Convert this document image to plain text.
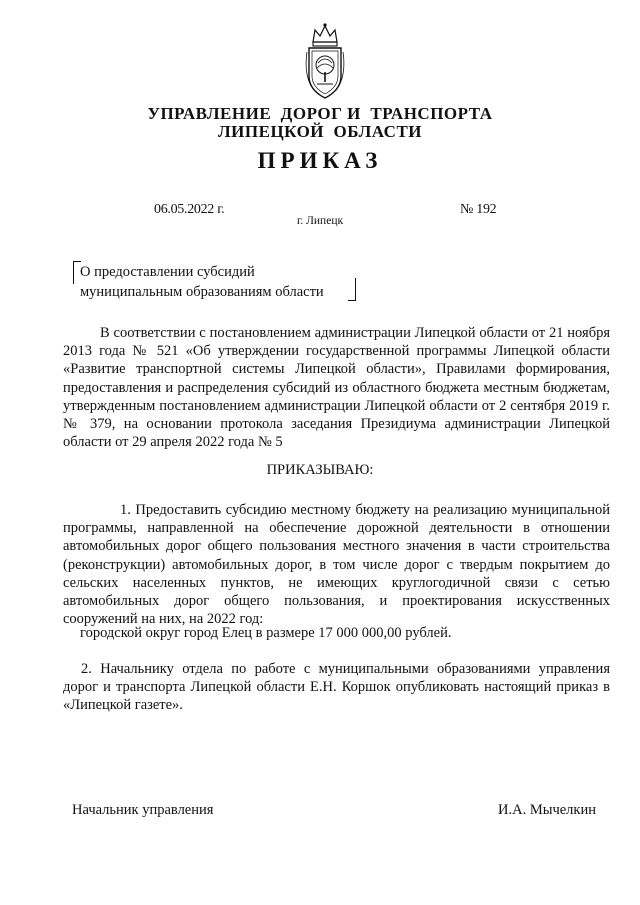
УПРАВЛЕНИЕ  ДОРОГ И  ТРАНСПОРТА
ЛИПЕЦКОЙ  ОБЛАСТИ
ПРИКАЗ
06.05.2022 г.	№ 192
г. Липецк
О предоставлении субсидий
муниципальным образованиям области
В соответствии с постановлением администрации Липецкой области от 21 ноября 2013 года № 521 «Об утверждении государственной программы Липецкой области «Развитие транспортной системы Липецкой области», Правилами формирования, предоставления и распределения субсидий из областного бюджета местным бюджетам, утвержденным постановлением администрации Липецкой области от 2 сентября 2019 г. № 379, на основании протокола заседания Президиума администрации Липецкой области от 29 апреля 2022 года № 5
ПРИКАЗЫВАЮ:
1. Предоставить субсидию местному бюджету на реализацию муниципальной программы, направленной на обеспечение дорожной деятельности в отношении автомобильных дорог общего пользования местного значения в части строительства (реконструкции) автомобильных дорог, в том числе дорог с твердым покрытием до сельских населенных пунктов, не имеющих круглогодичной связи с сетью автомобильных дорог общего пользования, и проектирования искусственных сооружений на них, на 2022 год:
городской округ город Елец в размере 17 000 000,00 рублей.
2. Начальнику отдела по работе с муниципальными образованиями управления дорог и транспорта Липецкой области Е.Н. Коршок опубликовать настоящий приказ в «Липецкой газете».
Начальник управления	И.А. Мычелкин
